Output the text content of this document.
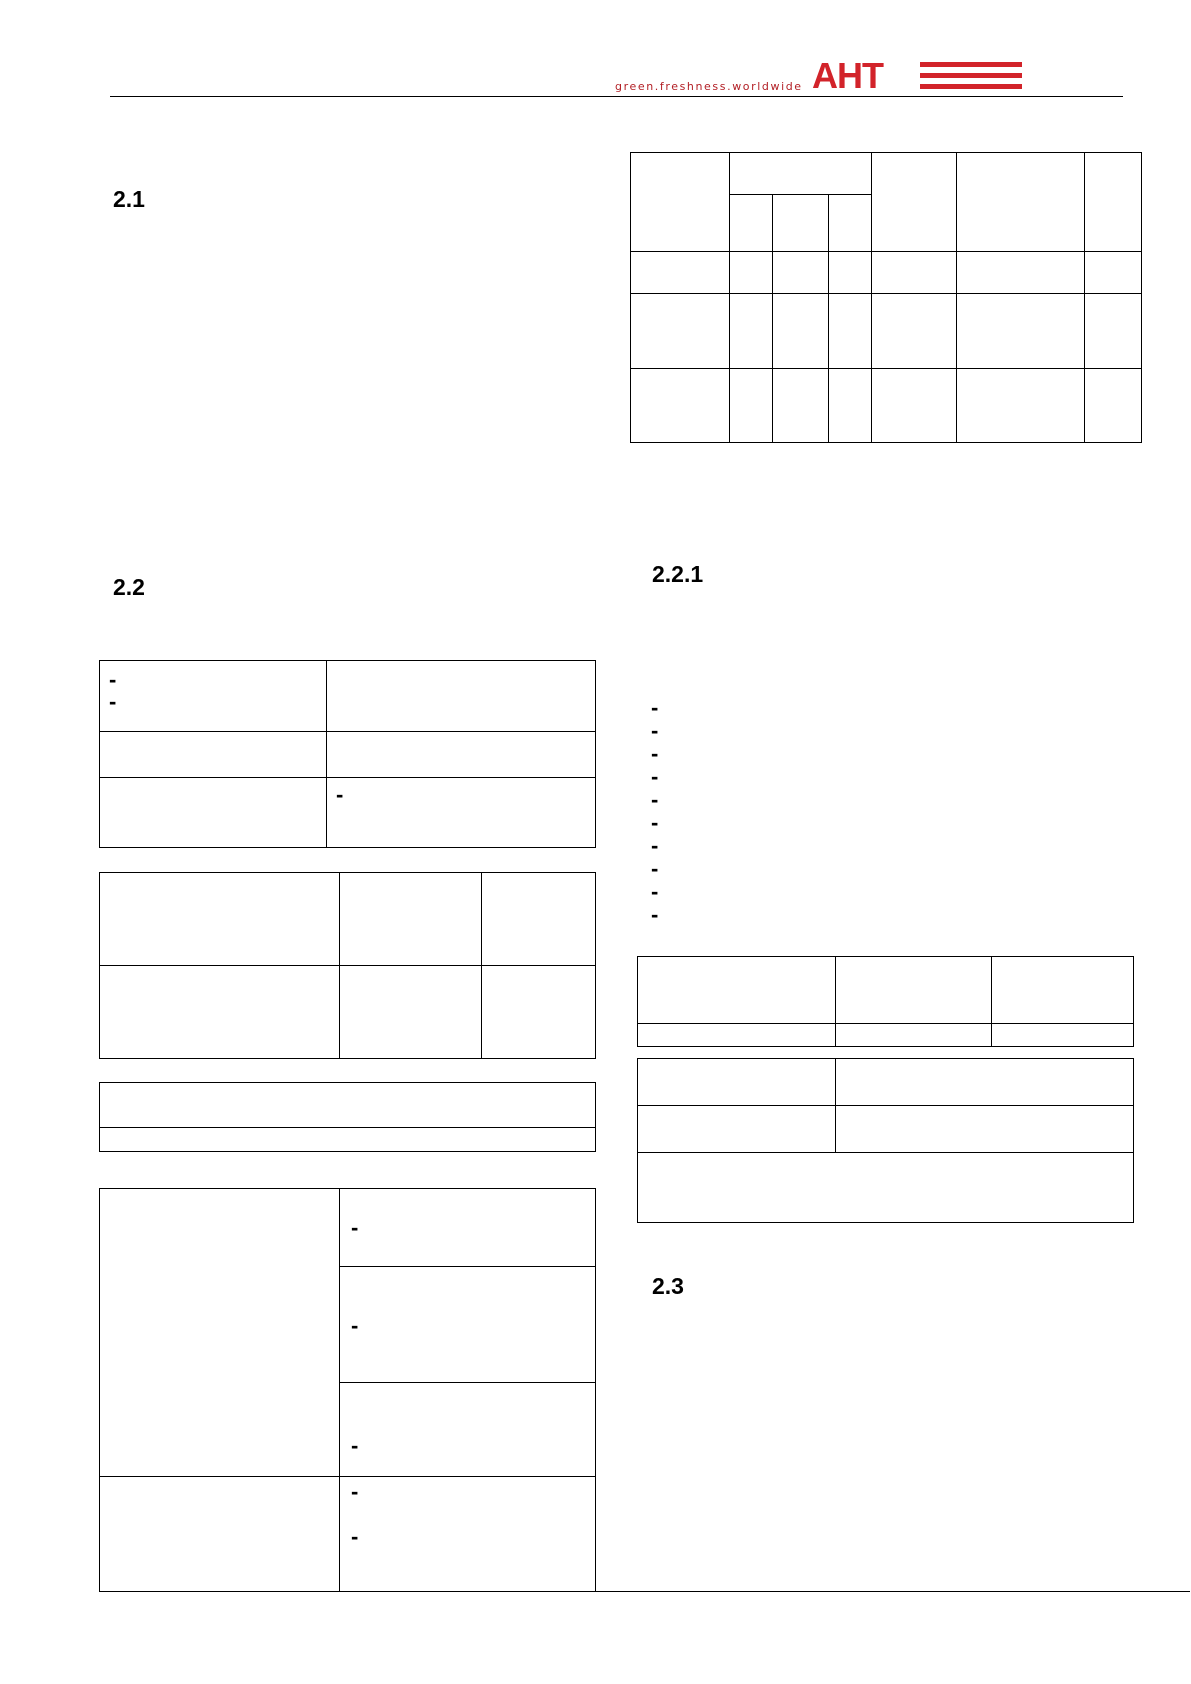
green.freshness.worldwide AHT
2.1
2.2	2.2.1
2.3
-
-
-
-
-
-
-
-
-
-
-
-
-
-
-
-
-
-
